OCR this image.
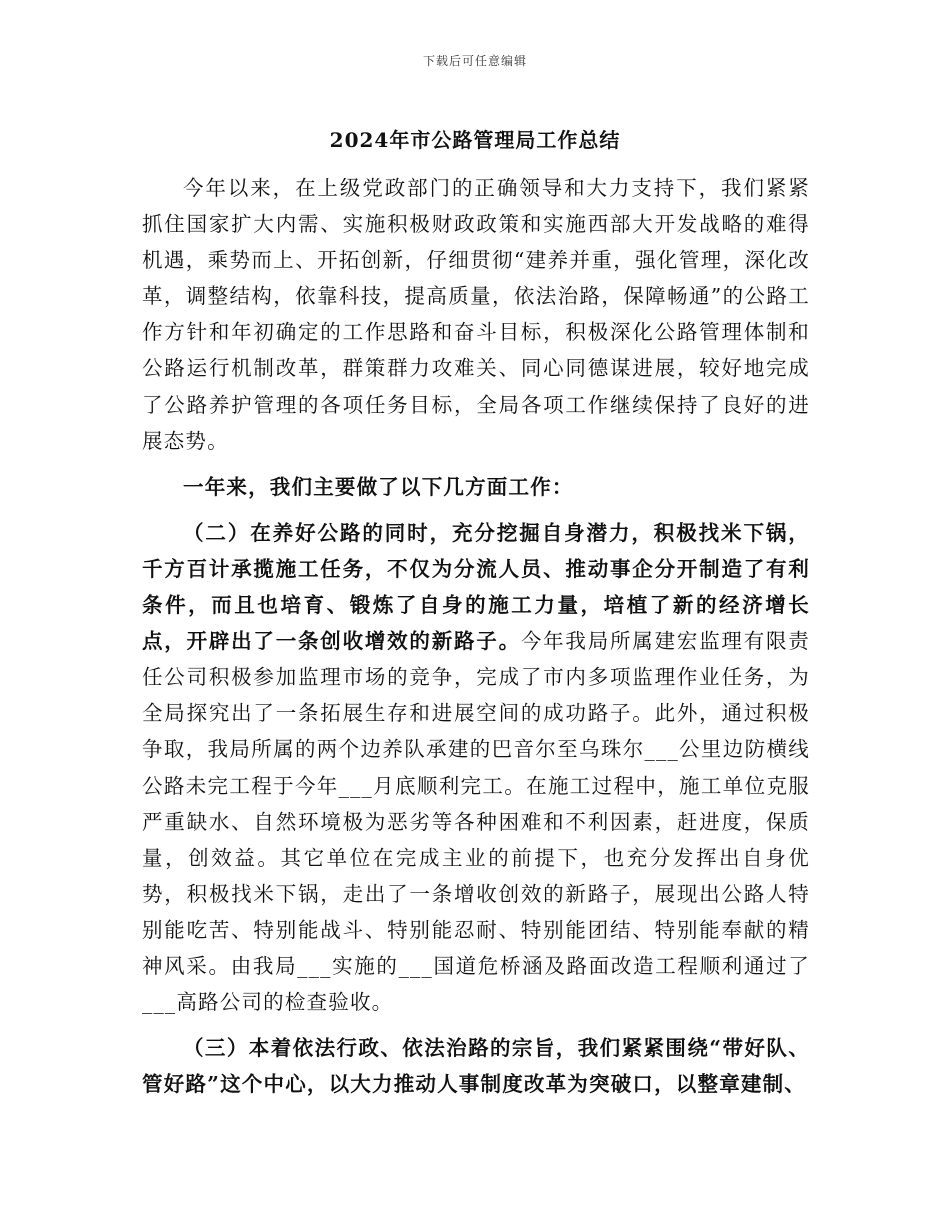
下载后可任意编辑
2024年市公路管理局工作总结

今年以来，在上级党政部门的正确领导和大力支持下，我们紧紧抓住国家扩大内需、实施积极财政政策和实施西部大开发战略的难得机遇，乘势而上、开拓创新，仔细贯彻“建养并重，强化管理，深化改革，调整结构，依靠科技，提高质量，依法治路，保障畅通”的公路工作方针和年初确定的工作思路和奋斗目标，积极深化公路管理体制和公路运行机制改革，群策群力攻难关、同心同德谋进展，较好地完成了公路养护管理的各项任务目标，全局各项工作继续保持了良好的进展态势。

一年来，我们主要做了以下几方面工作：

（二）在养好公路的同时，充分挖掘自身潜力，积极找米下锅，千方百计承揽施工任务，不仅为分流人员、推动事企分开制造了有利条件，而且也培育、锻炼了自身的施工力量，培植了新的经济增长点，开辟出了一条创收增效的新路子。今年我局所属建宏监理有限责任公司积极参加监理市场的竞争，完成了市内多项监理作业任务，为全局探究出了一条拓展生存和进展空间的成功路子。此外，通过积极争取，我局所属的两个边养队承建的巴音尔至乌珠尔___公里边防横线公路未完工程于今年___月底顺利完工。在施工过程中，施工单位克服严重缺水、自然环境极为恶劣等各种困难和不利因素，赶进度，保质量，创效益。其它单位在完成主业的前提下，也充分发挥出自身优势，积极找米下锅，走出了一条增收创效的新路子，展现出公路人特别能吃苦、特别能战斗、特别能忍耐、特别能团结、特别能奉献的精神风采。由我局___实施的___国道危桥涵及路面改造工程顺利通过了___高路公司的检查验收。

（三）本着依法行政、依法治路的宗旨，我们紧紧围绕“带好队、管好路”这个中心，以大力推动人事制度改革为突破口，以整章建制、
